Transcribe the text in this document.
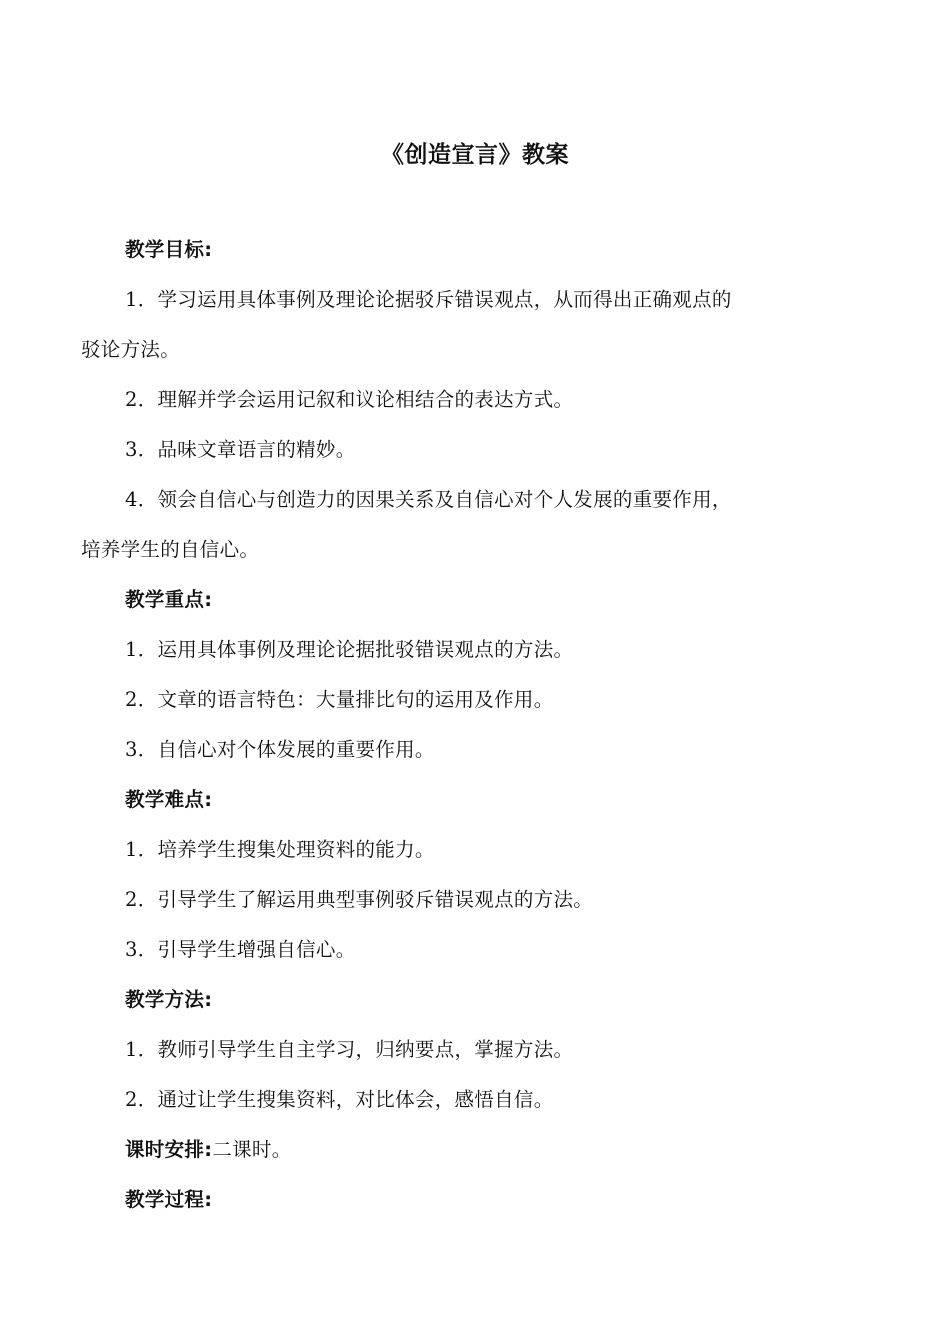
《创造宣言》教案
教学目标:
1．学习运用具体事例及理论论据驳斥错误观点，从而得出正确观点的
驳论方法。
2．理解并学会运用记叙和议论相结合的表达方式。
3．品味文章语言的精妙。
4．领会自信心与创造力的因果关系及自信心对个人发展的重要作用，
培养学生的自信心。
教学重点:
1．运用具体事例及理论论据批驳错误观点的方法。
2．文章的语言特色：大量排比句的运用及作用。
3．自信心对个体发展的重要作用。
教学难点:
1．培养学生搜集处理资料的能力。
2．引导学生了解运用典型事例驳斥错误观点的方法。
3．引导学生增强自信心。
教学方法:
1．教师引导学生自主学习，归纳要点，掌握方法。
2．通过让学生搜集资料，对比体会，感悟自信。
课时安排:二课时。
教学过程:
